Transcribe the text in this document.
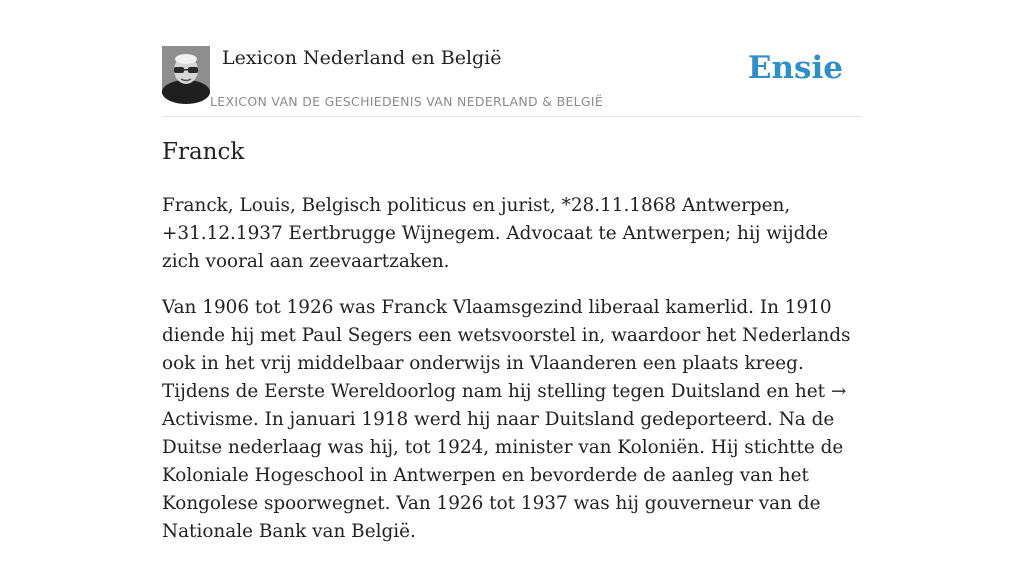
Lexicon Nederland en België
LEXICON VAN DE GESCHIEDENIS VAN NEDERLAND & BELGIË
Ensie
Franck

Franck, Louis, Belgisch politicus en jurist, *28.11.1868 Antwerpen, +31.12.1937 Eertbrugge Wijnegem. Advocaat te Antwerpen; hij wijdde zich vooral aan zeevaartzaken.

Van 1906 tot 1926 was Franck Vlaamsgezind liberaal kamerlid. In 1910 diende hij met Paul Segers een wetsvoorstel in, waardoor het Nederlands ook in het vrij middelbaar onderwijs in Vlaanderen een plaats kreeg. Tijdens de Eerste Wereldoorlog nam hij stelling tegen Duitsland en het → Activisme. In januari 1918 werd hij naar Duitsland gedeporteerd. Na de Duitse nederlaag was hij, tot 1924, minister van Koloniën. Hij stichtte de Koloniale Hogeschool in Antwerpen en bevorderde de aanleg van het Kongolese spoorwegnet. Van 1926 tot 1937 was hij gouverneur van de Nationale Bank van België.
